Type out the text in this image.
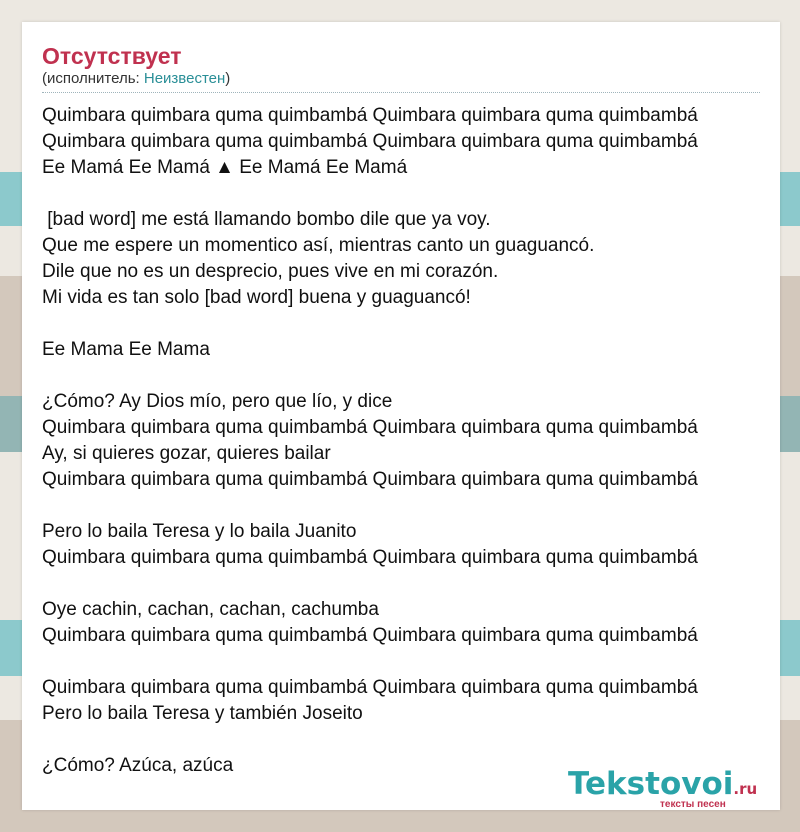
Отсутствует
(исполнитель: Неизвестен)
Quimbara quimbara quma quimbambá Quimbara quimbara quma quimbambá
Quimbara quimbara quma quimbambá Quimbara quimbara quma quimbambá
Ee Mamá Ee Mamá ▲ Ee Mamá Ee Mamá
[bad word] me está llamando bombo dile que ya voy.
Que me espere un momentico así, mientras canto un guaguancó.
Dile que no es un desprecio, pues vive en mi corazón.
Mi vida es tan solo [bad word] buena y guaguancó!
Ee Mama Ee Mama
¿Cómo? Ay Dios mío, pero que lío, y dice
Quimbara quimbara quma quimbambá Quimbara quimbara quma quimbambá
Ay, si quieres gozar, quieres bailar
Quimbara quimbara quma quimbambá Quimbara quimbara quma quimbambá
Pero lo baila Teresa y lo baila Juanito
Quimbara quimbara quma quimbambá Quimbara quimbara quma quimbambá
Oye cachin, cachan, cachan, cachumba
Quimbara quimbara quma quimbambá Quimbara quimbara quma quimbambá
Quimbara quimbara quma quimbambá Quimbara quimbara quma quimbambá
Pero lo baila Teresa y también Joseito
¿Cómo? Azúca, azúca
Tekstovoi.ru
тексты песен
